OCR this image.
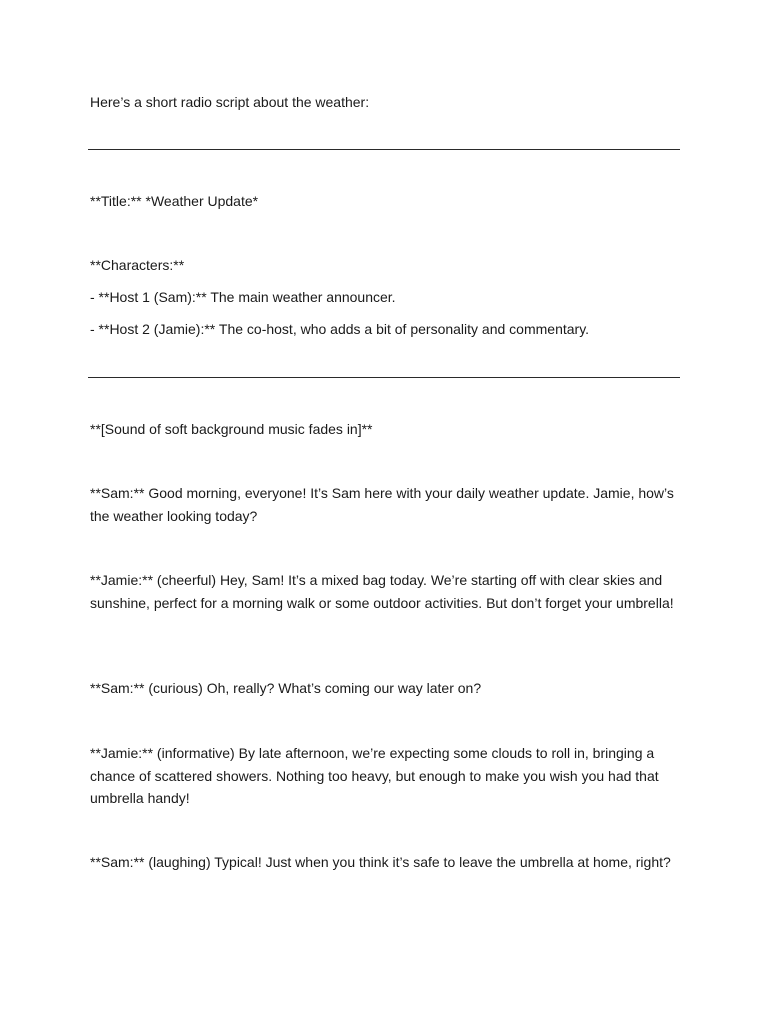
Here’s a short radio script about the weather:

**Title:** *Weather Update*

**Characters:**

- **Host 1 (Sam):** The main weather announcer.

- **Host 2 (Jamie):** The co-host, who adds a bit of personality and commentary.

**[Sound of soft background music fades in]**

**Sam:** Good morning, everyone! It’s Sam here with your daily weather update. Jamie, how’s the weather looking today?

**Jamie:** (cheerful) Hey, Sam! It’s a mixed bag today. We’re starting off with clear skies and sunshine, perfect for a morning walk or some outdoor activities. But don’t forget your umbrella!

**Sam:** (curious) Oh, really? What’s coming our way later on?

**Jamie:** (informative) By late afternoon, we’re expecting some clouds to roll in, bringing a chance of scattered showers. Nothing too heavy, but enough to make you wish you had that umbrella handy!

**Sam:** (laughing) Typical! Just when you think it’s safe to leave the umbrella at home, right?
